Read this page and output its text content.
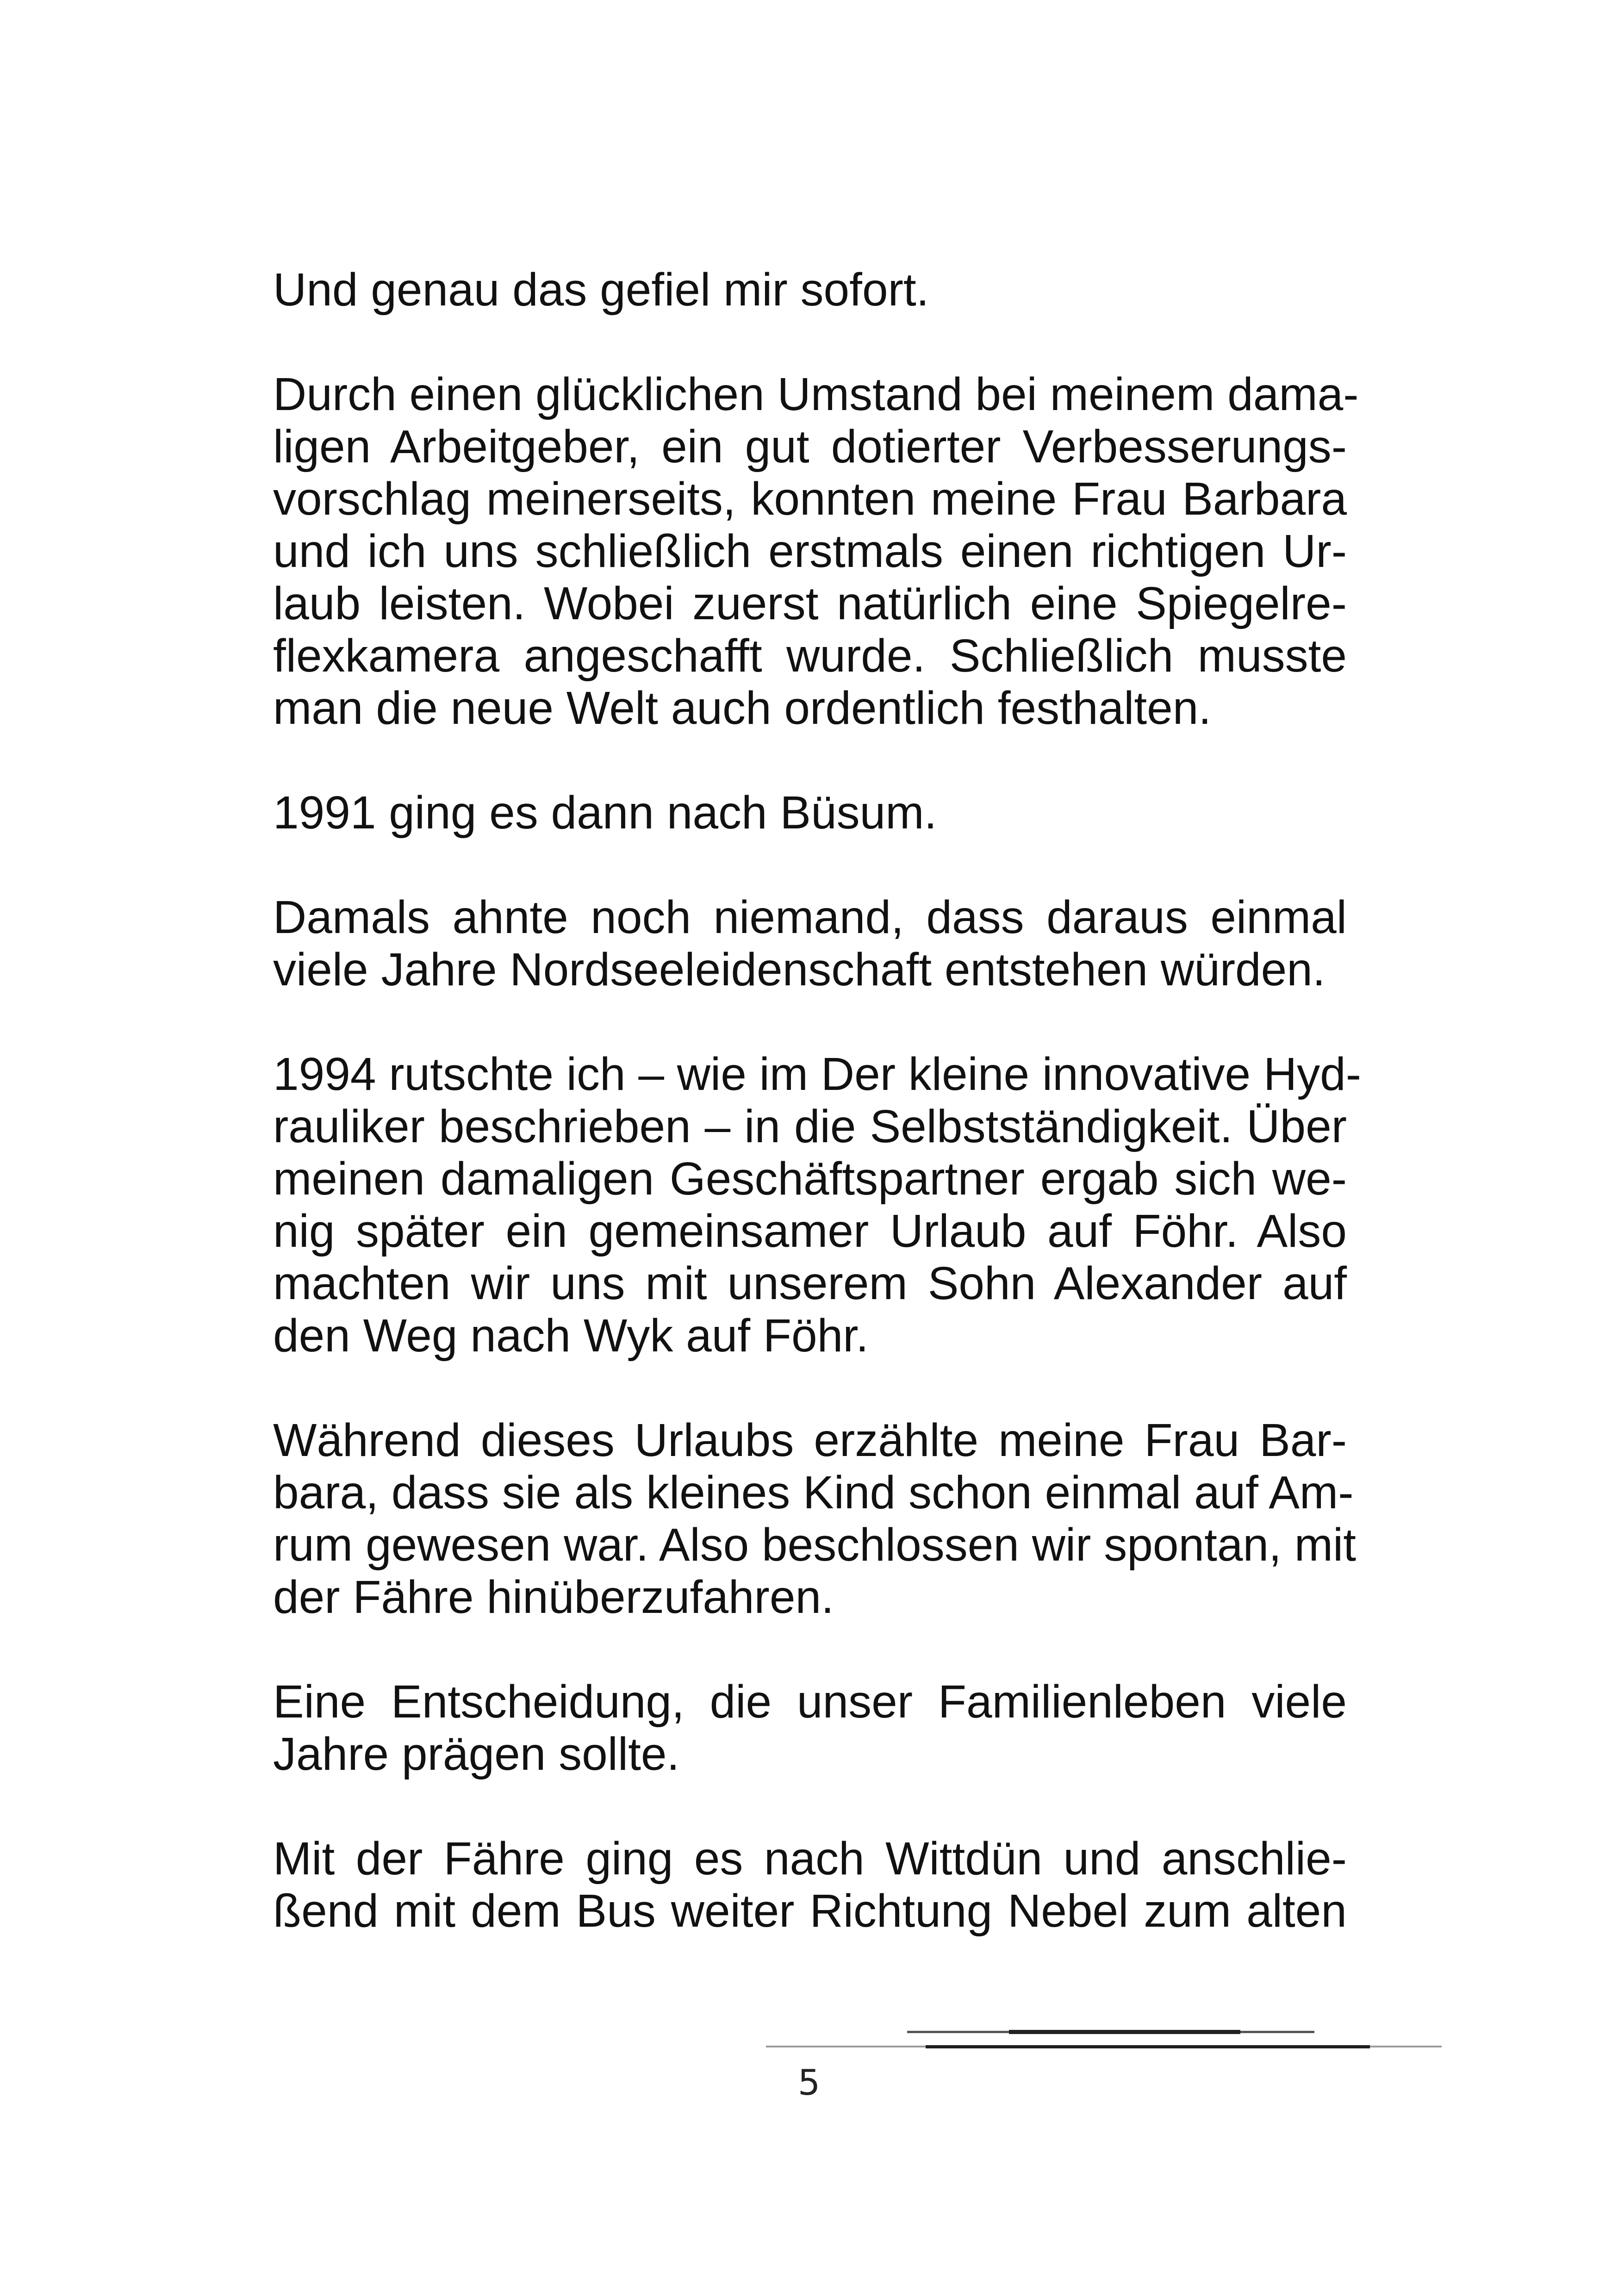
Und genau das gefiel mir sofort.
Durch einen glücklichen Umstand bei meinem dama-
ligen Arbeitgeber, ein gut dotierter Verbesserungs-
vorschlag meinerseits, konnten meine Frau Barbara
und ich uns schließlich erstmals einen richtigen Ur-
laub leisten. Wobei zuerst natürlich eine Spiegelre-
flexkamera angeschafft wurde. Schließlich musste
man die neue Welt auch ordentlich festhalten.
1991 ging es dann nach Büsum.
Damals ahnte noch niemand, dass daraus einmal
viele Jahre Nordseeleidenschaft entstehen würden.
1994 rutschte ich – wie im Der kleine innovative Hyd-
rauliker beschrieben – in die Selbstständigkeit. Über
meinen damaligen Geschäftspartner ergab sich we-
nig später ein gemeinsamer Urlaub auf Föhr. Also
machten wir uns mit unserem Sohn Alexander auf
den Weg nach Wyk auf Föhr.
Während dieses Urlaubs erzählte meine Frau Bar-
bara, dass sie als kleines Kind schon einmal auf Am-
rum gewesen war. Also beschlossen wir spontan, mit
der Fähre hinüberzufahren.
Eine Entscheidung, die unser Familienleben viele
Jahre prägen sollte.
Mit der Fähre ging es nach Wittdün und anschlie-
ßend mit dem Bus weiter Richtung Nebel zum alten
5
